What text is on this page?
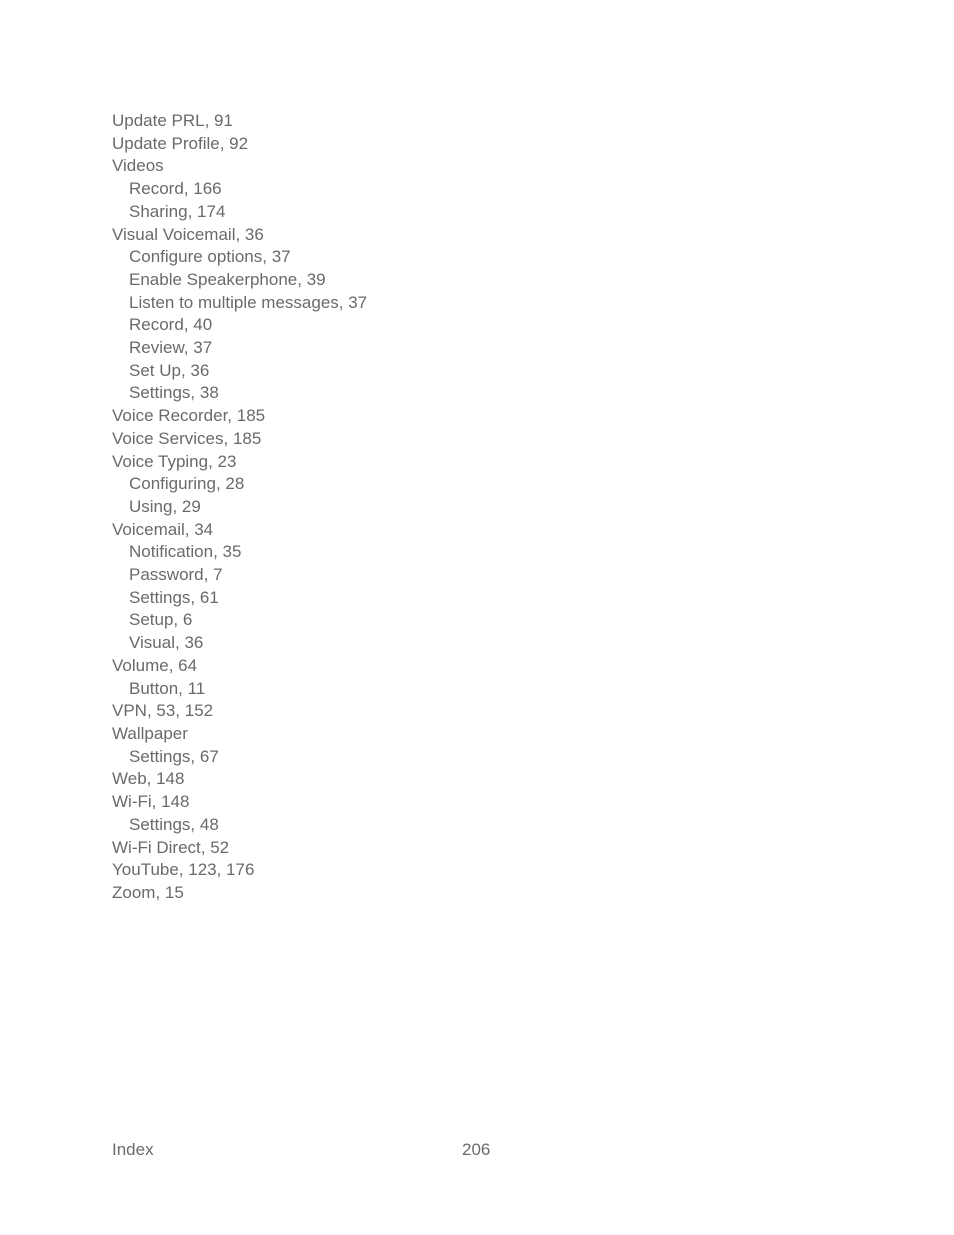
Update PRL, 91
Update Profile, 92
Videos
Record, 166
Sharing, 174
Visual Voicemail, 36
Configure options, 37
Enable Speakerphone, 39
Listen to multiple messages, 37
Record, 40
Review, 37
Set Up, 36
Settings, 38
Voice Recorder, 185
Voice Services, 185
Voice Typing, 23
Configuring, 28
Using, 29
Voicemail, 34
Notification, 35
Password, 7
Settings, 61
Setup, 6
Visual, 36
Volume, 64
Button, 11
VPN, 53, 152
Wallpaper
Settings, 67
Web, 148
Wi-Fi, 148
Settings, 48
Wi-Fi Direct, 52
YouTube, 123, 176
Zoom, 15
Index	206
